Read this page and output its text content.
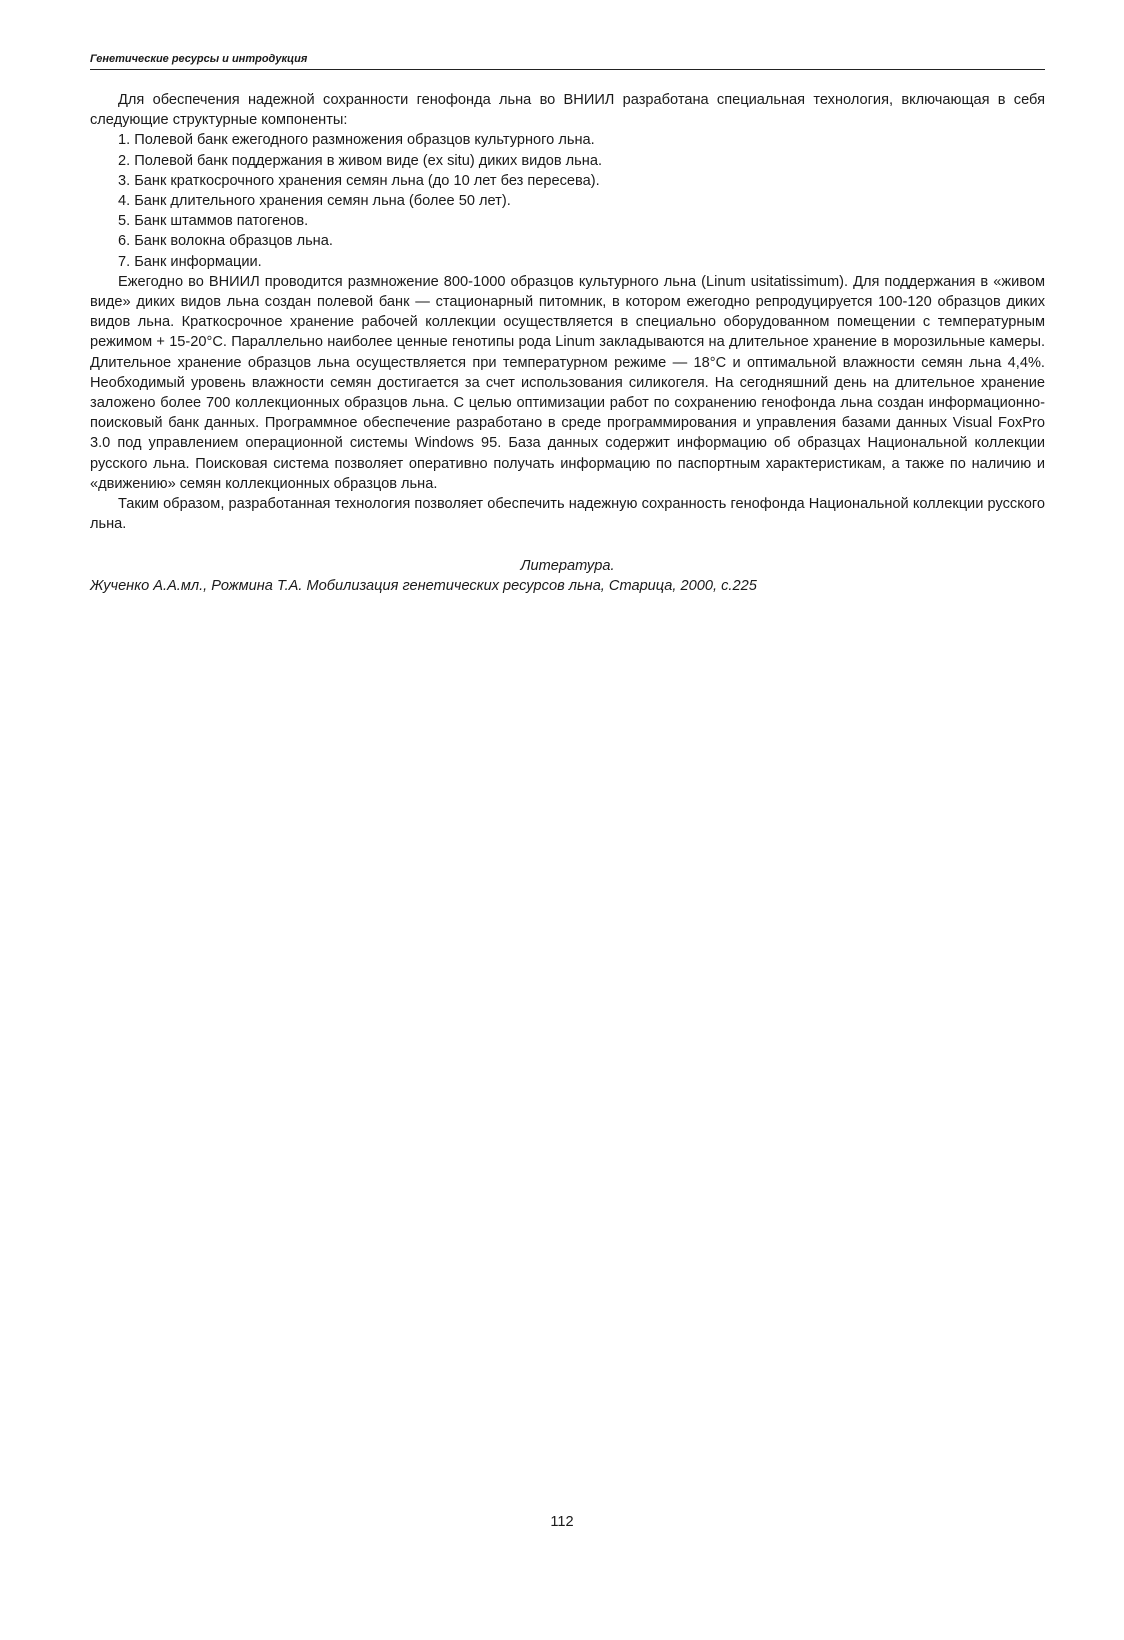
Генетические ресурсы и интродукция

Для обеспечения надежной сохранности генофонда льна во ВНИИЛ разработана специальная технология, включающая в себя следующие структурные компоненты:

1. Полевой банк ежегодного размножения образцов культурного льна.
2. Полевой банк поддержания в живом виде (ex situ) диких видов льна.
3. Банк краткосрочного хранения семян льна (до 10 лет без пересева).
4. Банк длительного хранения семян льна (более 50 лет).
5. Банк штаммов патогенов.
6. Банк волокна образцов льна.
7. Банк информации.

Ежегодно во ВНИИЛ проводится размножение 800-1000 образцов культурного льна (Linum usitatissimum). Для поддержания в «живом виде» диких видов льна создан полевой банк — стационарный питомник, в котором ежегодно репродуцируется 100-120 образцов диких видов льна. Краткосрочное хранение рабочей коллекции осуществляется в специально оборудованном помещении с температурным режимом + 15-20°С. Параллельно наиболее ценные генотипы рода Linum закладываются на длительное хранение в морозильные камеры. Длительное хранение образцов льна осуществляется при температурном режиме — 18°С и оптимальной влажности семян льна 4,4%. Необходимый уровень влажности семян достигается за счет использования силикогеля. На сегодняшний день на длительное хранение заложено более 700 коллекционных образцов льна. С целью оптимизации работ по сохранению генофонда льна создан информационно-поисковый банк данных. Программное обеспечение разработано в среде программирования и управления базами данных Visual FoxPro 3.0 под управлением операционной системы Windows 95. База данных содержит информацию об образцах Национальной коллекции русского льна. Поисковая система позволяет оперативно получать информацию по паспортным характеристикам, а также по наличию и «движению» семян коллекционных образцов льна.

Таким образом, разработанная технология позволяет обеспечить надежную сохранность генофонда Национальной коллекции русского льна.

Литература.
Жученко А.А.мл., Рожмина Т.А. Мобилизация генетических ресурсов льна, Старица, 2000, с.225
112
